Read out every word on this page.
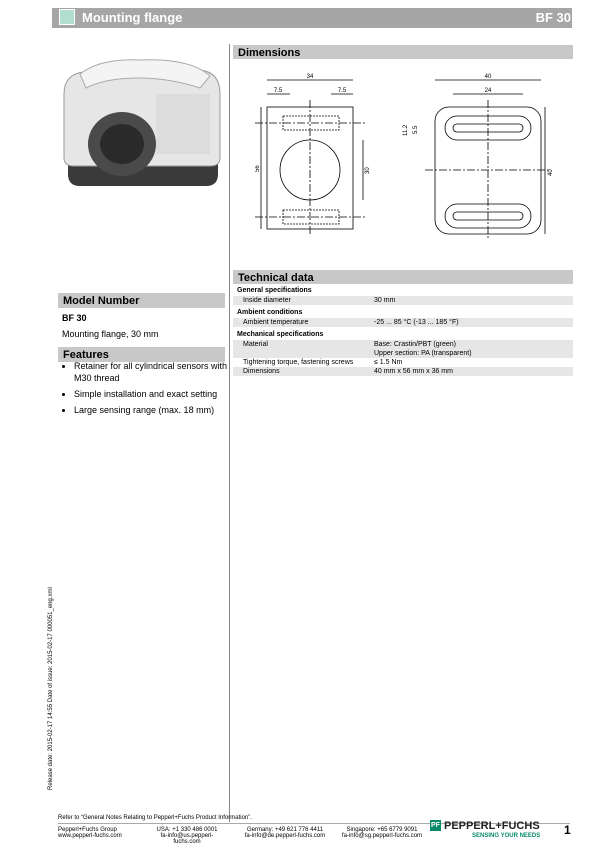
Mounting flange	BF 30
Dimensions
34
7.5	7.5
56	30
40
24
11.2 5.5
40
Technical data
General specifications
Inside diameter	30 mm
Ambient conditions
Ambient temperature	-25 ... 85 °C (-13 ... 185 °F)
Mechanical specifications
Material	Base: Crastin/PBT (green)
Upper section: PA (transparent)
Tightening torque, fastening screws	≤ 1.5 Nm
Dimensions	40 mm x 56 mm x 36 mm
Model Number
BF 30
Mounting flange, 30 mm
Features
• Retainer for all cylindrical sensors with M30 thread
• Simple installation and exact setting
• Large sensing range (max. 18 mm)
Release date: 2015-02-17 14:55 Date of issue: 2015-02-17 000051_eng.xml
Refer to “General Notes Relating to Pepperl+Fuchs Product Information”.
Pepperl+Fuchs Group
www.pepperl-fuchs.com
USA: +1 330 486 0001
fa-info@us.pepperl-fuchs.com
Germany: +49 621 776 4411
fa-info@de.pepperl-fuchs.com
Singapore: +65 6779 9091
fa-info@sg.pepperl-fuchs.com
PF PEPPERL+FUCHS
SENSING YOUR NEEDS 1
